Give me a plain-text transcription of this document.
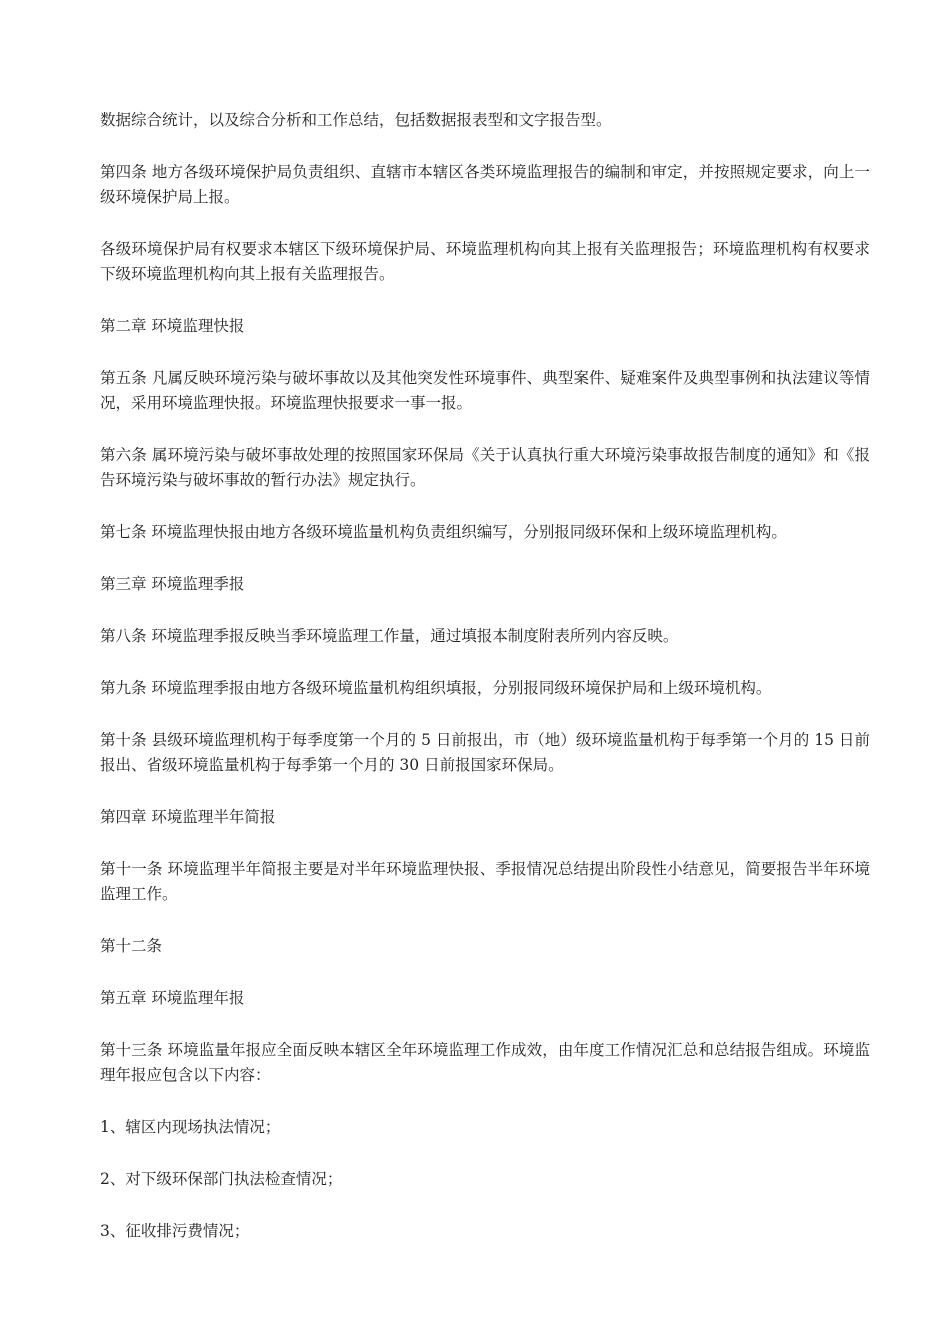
数据综合统计，以及综合分析和工作总结，包括数据报表型和文字报告型。

第四条 地方各级环境保护局负责组织、直辖市本辖区各类环境监理报告的编制和审定，并按照规定要求，向上一级环境保护局上报。

各级环境保护局有权要求本辖区下级环境保护局、环境监理机构向其上报有关监理报告；环境监理机构有权要求下级环境监理机构向其上报有关监理报告。

第二章 环境监理快报

第五条 凡属反映环境污染与破坏事故以及其他突发性环境事件、典型案件、疑难案件及典型事例和执法建议等情况，采用环境监理快报。环境监理快报要求一事一报。

第六条 属环境污染与破坏事故处理的按照国家环保局《关于认真执行重大环境污染事故报告制度的通知》和《报告环境污染与破坏事故的暂行办法》规定执行。

第七条 环境监理快报由地方各级环境监量机构负责组织编写，分别报同级环保和上级环境监理机构。

第三章 环境监理季报

第八条 环境监理季报反映当季环境监理工作量，通过填报本制度附表所列内容反映。

第九条 环境监理季报由地方各级环境监量机构组织填报，分别报同级环境保护局和上级环境机构。

第十条 县级环境监理机构于每季度第一个月的 5 日前报出，市（地）级环境监量机构于每季第一个月的 15 日前报出、省级环境监量机构于每季第一个月的 30 日前报国家环保局。

第四章 环境监理半年简报

第十一条 环境监理半年简报主要是对半年环境监理快报、季报情况总结提出阶段性小结意见，简要报告半年环境监理工作。

第十二条

第五章 环境监理年报

第十三条 环境监量年报应全面反映本辖区全年环境监理工作成效，由年度工作情况汇总和总结报告组成。环境监理年报应包含以下内容：

1、辖区内现场执法情况；

2、对下级环保部门执法检查情况；

3、征收排污费情况；
